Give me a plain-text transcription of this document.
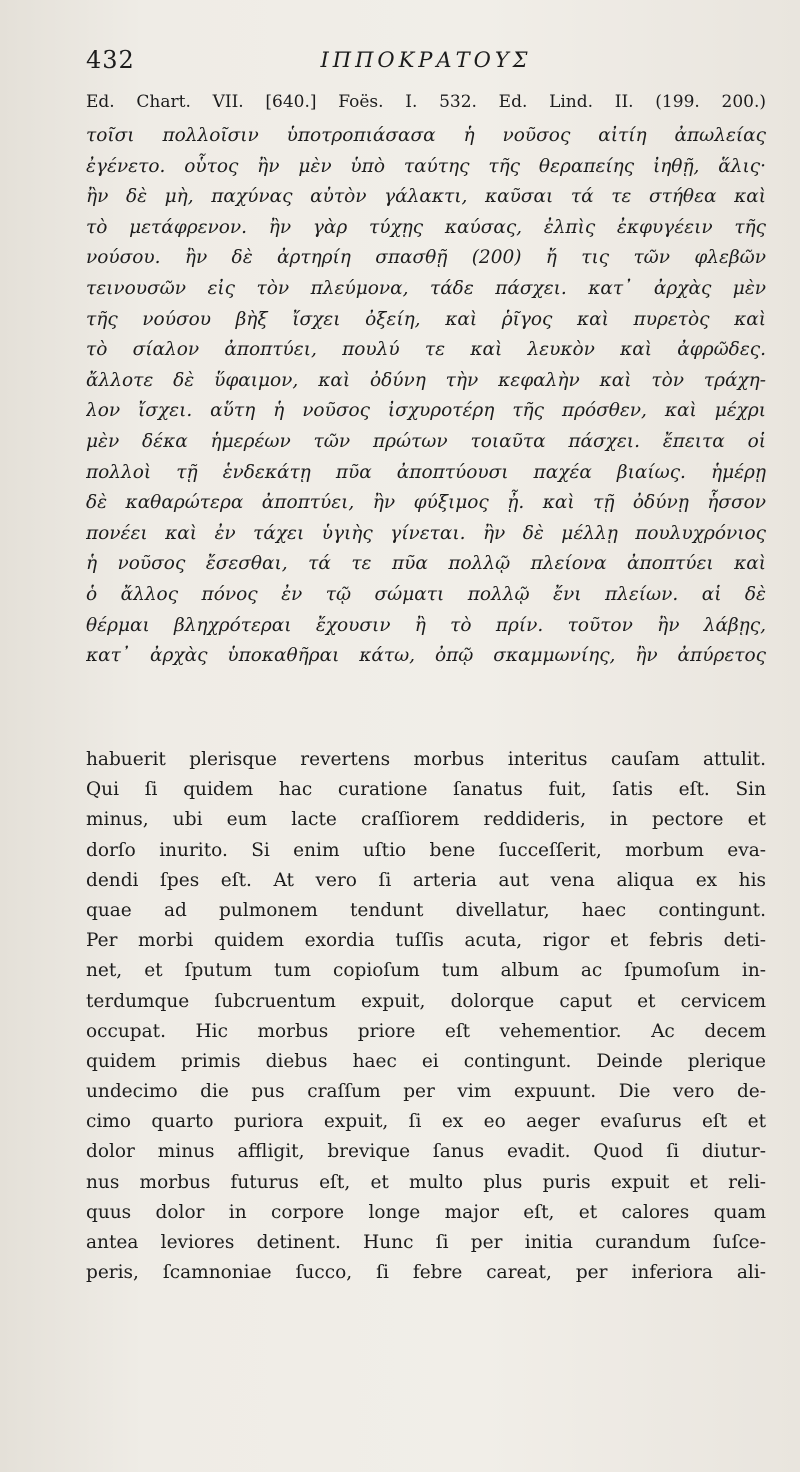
432	ΙΠΠΟΚΡΑΤΟΥΣ
Ed. Chart. VII. [640.] Foës. I. 532. Ed. Lind. II. (199. 200.)
τοῖσι πολλοῖσιν ὑποτροπιάσασα ἡ νοῦσος αἰτίη ἀπωλείας
ἐγένετο. οὗτος ἢν μὲν ὑπὸ ταύτης τῆς θεραπείης ἰηθῇ, ἅλις·
ἢν δὲ μὴ, παχύνας αὐτὸν γάλακτι, καῦσαι τά τε στήθεα καὶ
τὸ μετάφρενον. ἢν γὰρ τύχῃς καύσας, ἐλπὶς ἐκφυγέειν τῆς
νούσου. ἢν δὲ ἀρτηρίη σπασθῇ (200) ἤ τις τῶν φλεβῶν
τεινουσῶν εἰς τὸν πλεύμονα, τάδε πάσχει. κατ᾽ ἀρχὰς μὲν
τῆς νούσου βὴξ ἴσχει ὀξείη, καὶ ῥῖγος καὶ πυρετὸς καὶ
τὸ σίαλον ἀποπτύει, πουλύ τε καὶ λευκὸν καὶ ἀφρῶδες.
ἄλλοτε δὲ ὕφαιμον, καὶ ὀδύνη τὴν κεφαλὴν καὶ τὸν τράχη-
λον ἴσχει. αὕτη ἡ νοῦσος ἰσχυροτέρη τῆς πρόσθεν, καὶ μέχρι
μὲν δέκα ἡμερέων τῶν πρώτων τοιαῦτα πάσχει. ἔπειτα οἱ
πολλοὶ τῇ ἑνδεκάτῃ πῦα ἀποπτύουσι παχέα βιαίως. ἡμέρῃ
δὲ καθαρώτερα ἀποπτύει, ἢν φύξιμος ᾖ. καὶ τῇ ὀδύνῃ ἧσσον
πονέει καὶ ἐν τάχει ὑγιὴς γίνεται. ἢν δὲ μέλλῃ πουλυχρόνιος
ἡ νοῦσος ἔσεσθαι, τά τε πῦα πολλῷ πλείονα ἀποπτύει καὶ
ὁ ἄλλος πόνος ἐν τῷ σώματι πολλῷ ἔνι πλείων. αἱ δὲ
θέρμαι βληχρότεραι ἔχουσιν ἢ τὸ πρίν. τοῦτον ἢν λάβῃς,
κατ᾽ ἀρχὰς ὑποκαθῆραι κάτω, ὀπῷ σκαμμωνίης, ἢν ἀπύρετος
habuerit plerisque revertens morbus interitus cauſam attulit.
Qui ſi quidem hac curatione ſanatus fuit, ſatis eſt. Sin
minus, ubi eum lacte craſſiorem reddideris, in pectore et
dorſo inurito. Si enim uſtio bene ſucceſſerit, morbum eva-
dendi ſpes eſt. At vero ſi arteria aut vena aliqua ex his
quae ad pulmonem tendunt divellatur, haec contingunt.
Per morbi quidem exordia tuſſis acuta, rigor et febris deti-
net, et ſputum tum copioſum tum album ac ſpumoſum in-
terdumque ſubcruentum expuit, dolorque caput et cervicem
occupat. Hic morbus priore eſt vehementior. Ac decem
quidem primis diebus haec ei contingunt. Deinde plerique
undecimo die pus craſſum per vim expuunt. Die vero de-
cimo quarto puriora expuit, ſi ex eo aeger evaſurus eſt et
dolor minus affligit, brevique ſanus evadit. Quod ſi diutur-
nus morbus futurus eſt, et multo plus puris expuit et reli-
quus dolor in corpore longe major eſt, et calores quam
antea leviores detinent. Hunc ſi per initia curandum ſuſce-
peris, ſcamnoniae ſucco, ſi febre careat, per inferiora ali-
